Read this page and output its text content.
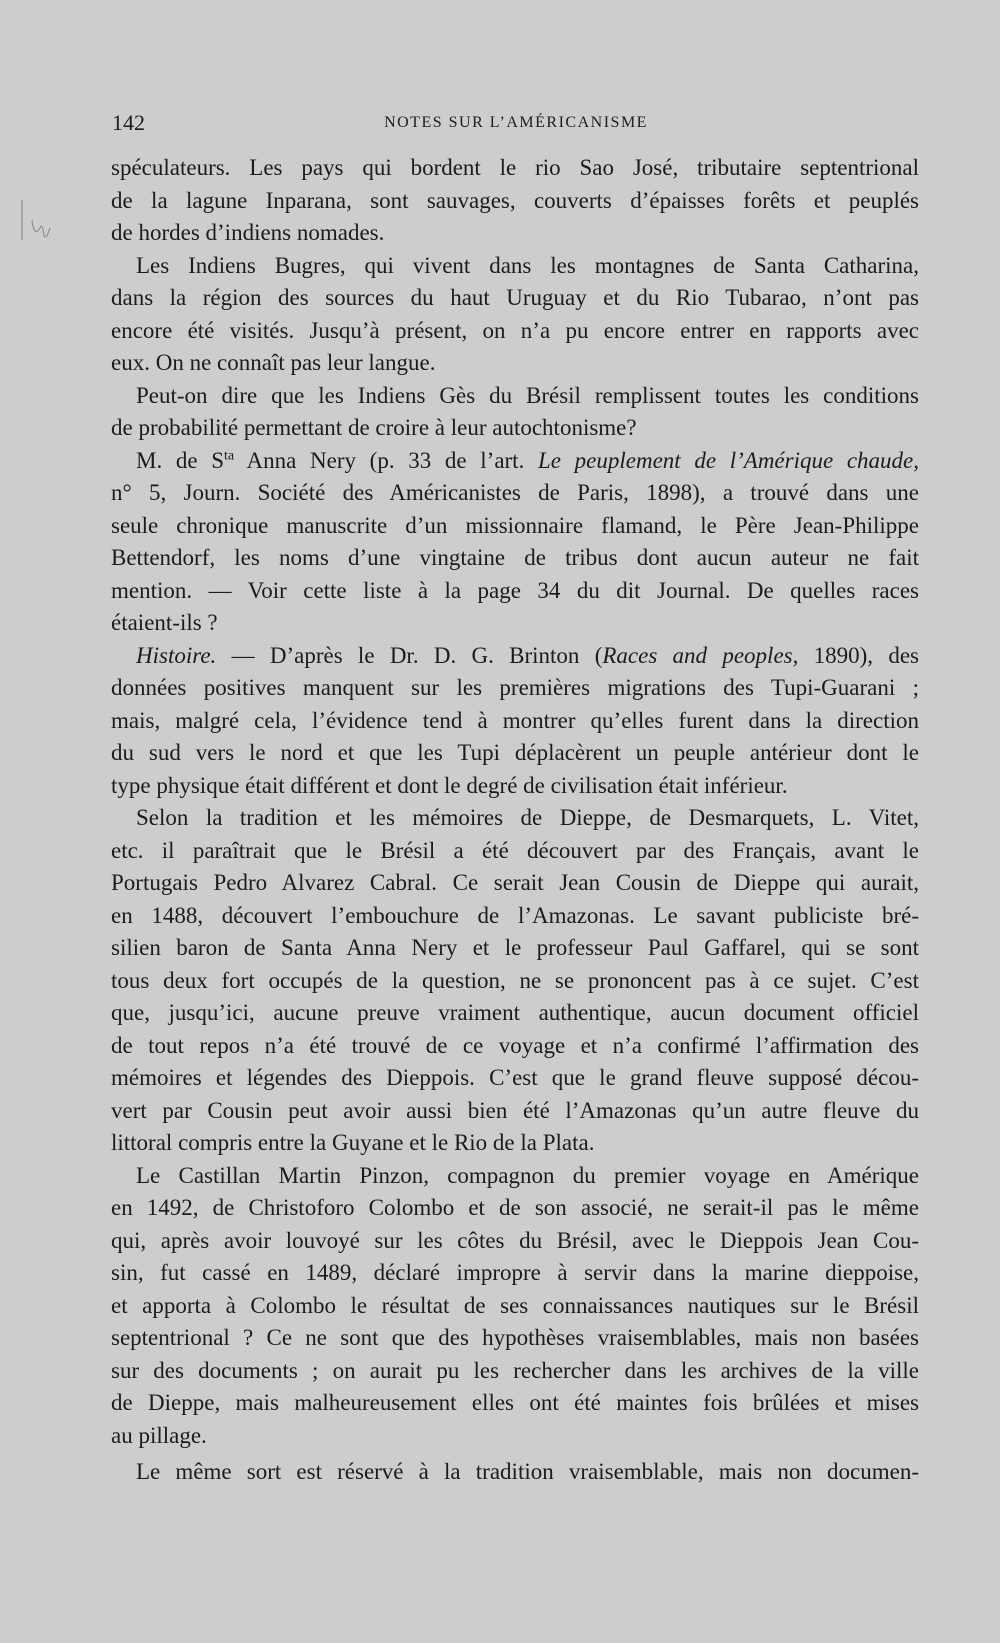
142	NOTES SUR L’AMÉRICANISME

spéculateurs. Les pays qui bordent le rio Sao José, tributaire septentrional
de la lagune Inparana, sont sauvages, couverts d’épaisses forêts et peuplés
de hordes d’indiens nomades.

Les Indiens Bugres, qui vivent dans les montagnes de Santa Catharina,
dans la région des sources du haut Uruguay et du Rio Tubarao, n’ont pas
encore été visités. Jusqu’à présent, on n’a pu encore entrer en rapports avec
eux. On ne connaît pas leur langue.

Peut-on dire que les Indiens Gès du Brésil remplissent toutes les conditions
de probabilité permettant de croire à leur autochtonisme?

M. de $S^{ta}$ Anna Nery (p. 33 de l’art. Le peuplement de l’Amérique chaude,
n° 5, Journ. Société des Américanistes de Paris, 1898), a trouvé dans une
seule chronique manuscrite d’un missionnaire flamand, le Père Jean-Philippe
Bettendorf, les noms d’une vingtaine de tribus dont aucun auteur ne fait
mention. — Voir cette liste à la page 34 du dit Journal. De quelles races
étaient-ils ?

Histoire. — D’après le Dr. D. G. Brinton (Races and peoples, 1890), des
données positives manquent sur les premières migrations des Tupi-Guarani ;
mais, malgré cela, l’évidence tend à montrer qu’elles furent dans la direction
du sud vers le nord et que les Tupi déplacèrent un peuple antérieur dont le
type physique était différent et dont le degré de civilisation était inférieur.

Selon la tradition et les mémoires de Dieppe, de Desmarquets, L. Vitet,
etc. il paraîtrait que le Brésil a été découvert par des Français, avant le
Portugais Pedro Alvarez Cabral. Ce serait Jean Cousin de Dieppe qui aurait,
en 1488, découvert l’embouchure de l’Amazonas. Le savant publiciste bré-
silien baron de Santa Anna Nery et le professeur Paul Gaffarel, qui se sont
tous deux fort occupés de la question, ne se prononcent pas à ce sujet. C’est
que, jusqu’ici, aucune preuve vraiment authentique, aucun document officiel
de tout repos n’a été trouvé de ce voyage et n’a confirmé l’affirmation des
mémoires et légendes des Dieppois. C’est que le grand fleuve supposé décou-
vert par Cousin peut avoir aussi bien été l’Amazonas qu’un autre fleuve du
littoral compris entre la Guyane et le Rio de la Plata.

Le Castillan Martin Pinzon, compagnon du premier voyage en Amérique
en 1492, de Christoforo Colombo et de son associé, ne serait-il pas le même
qui, après avoir louvoyé sur les côtes du Brésil, avec le Dieppois Jean Cou-
sin, fut cassé en 1489, déclaré impropre à servir dans la marine dieppoise,
et apporta à Colombo le résultat de ses connaissances nautiques sur le Brésil
septentrional ? Ce ne sont que des hypothèses vraisemblables, mais non basées
sur des documents ; on aurait pu les rechercher dans les archives de la ville
de Dieppe, mais malheureusement elles ont été maintes fois brûlées et mises
au pillage.

Le même sort est réservé à la tradition vraisemblable, mais non documen-
